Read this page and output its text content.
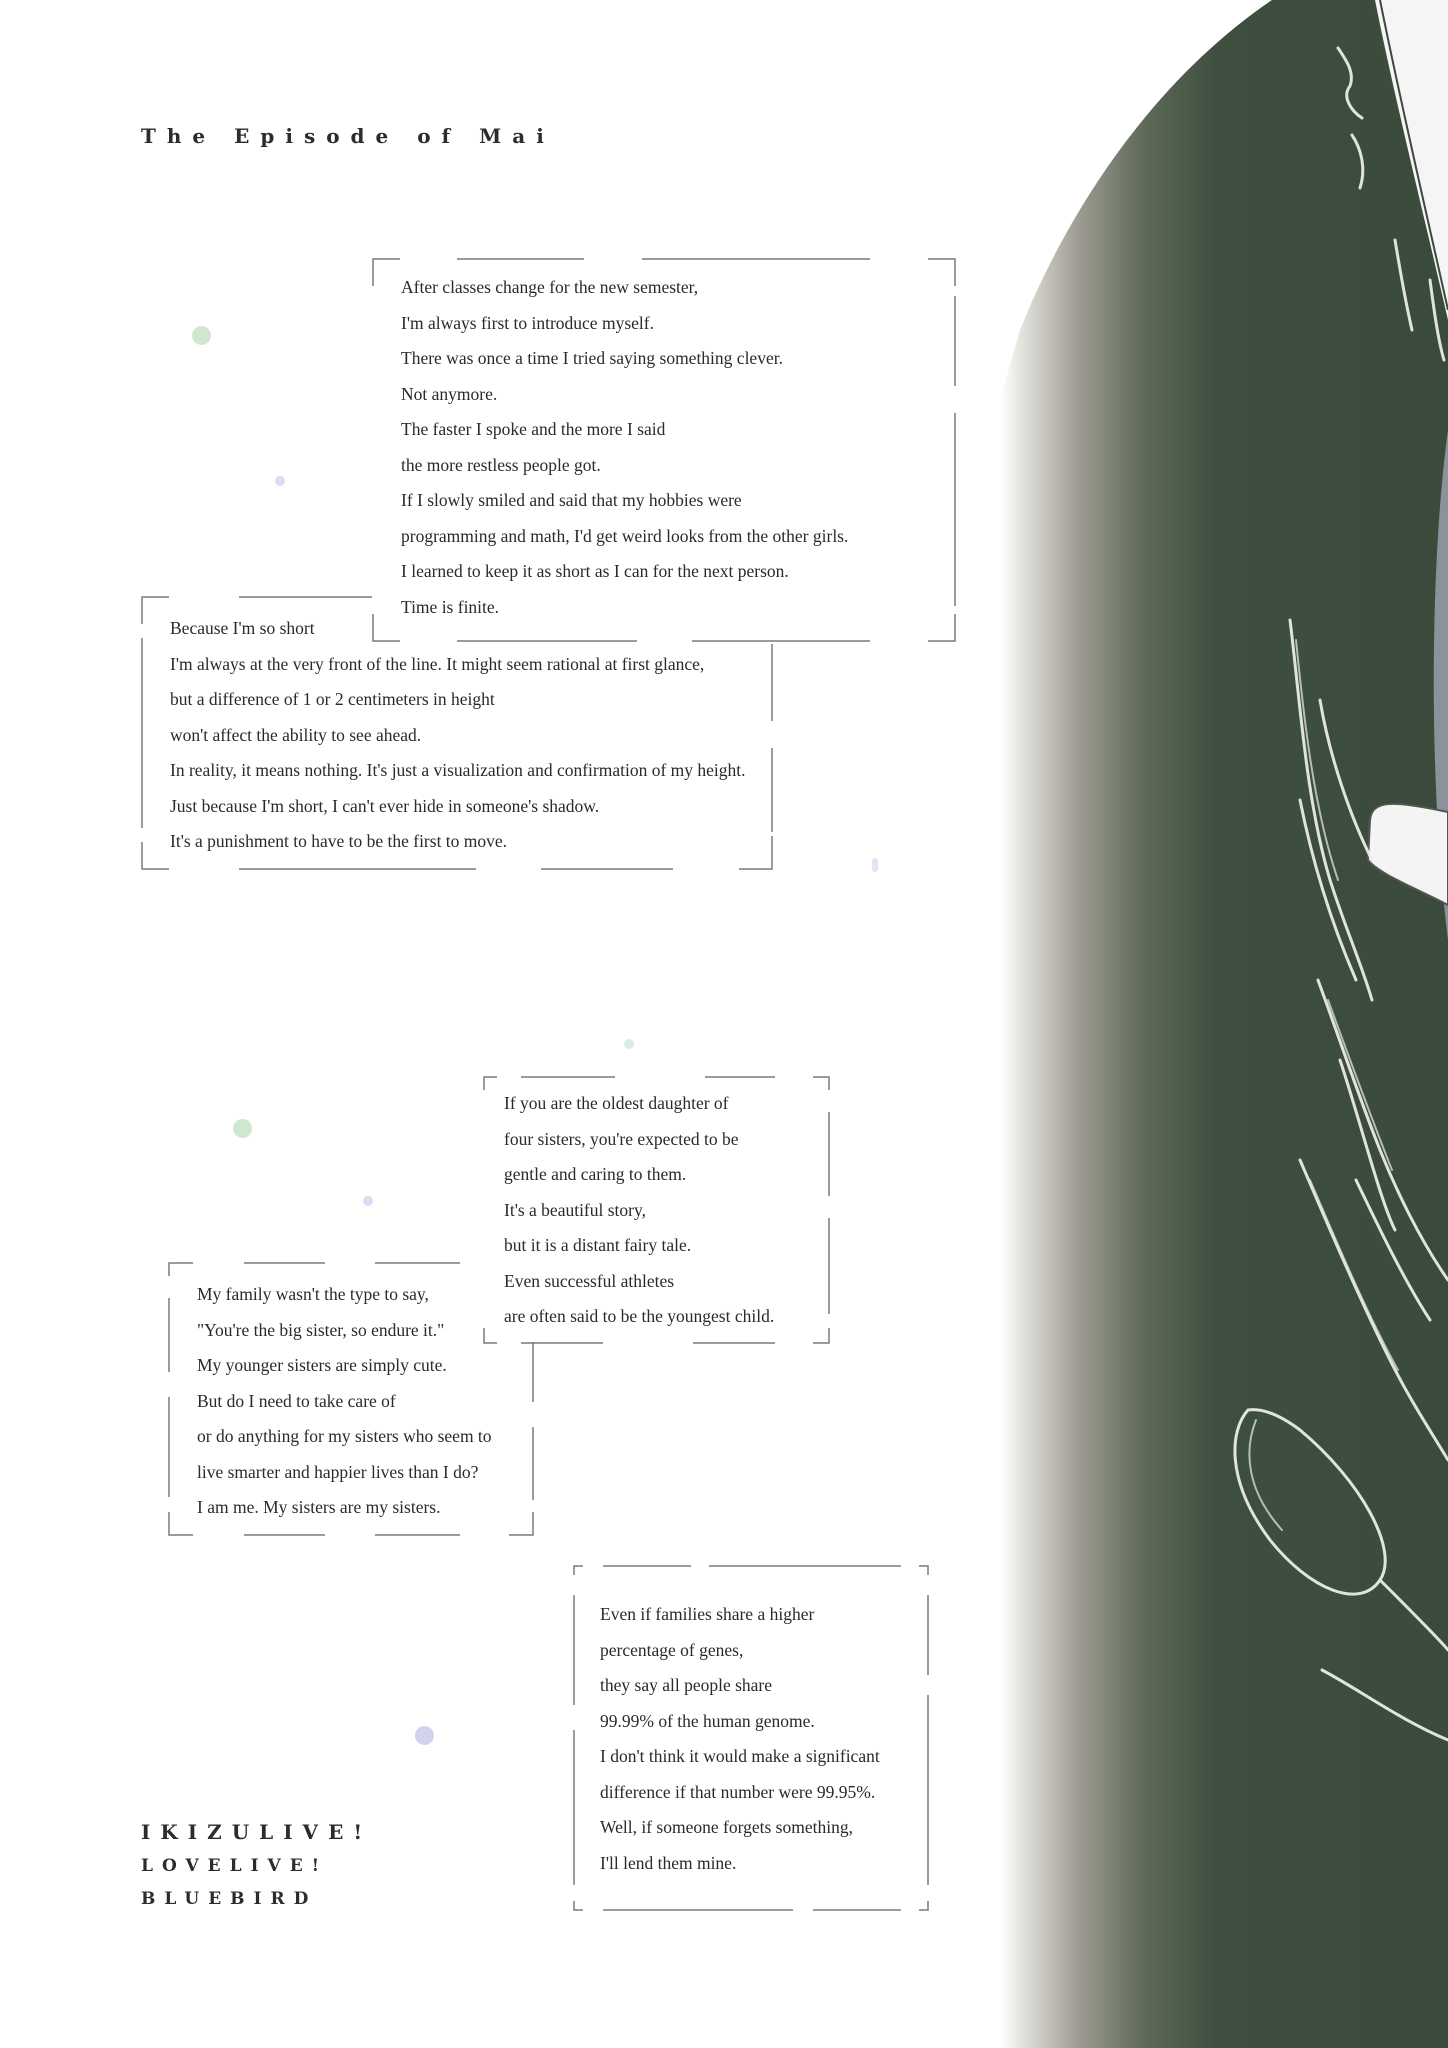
The Episode of Mai
After classes change for the new semester,
I'm always first to introduce myself.
There was once a time I tried saying something clever.
Not anymore.
The faster I spoke and the more I said
the more restless people got.
If I slowly smiled and said that my hobbies were
programming and math, I'd get weird looks from the other girls.
I learned to keep it as short as I can for the next person.
Time is finite.
Because I'm so short
I'm always at the very front of the line. It might seem rational at first glance,
but a difference of 1 or 2 centimeters in height
won't affect the ability to see ahead.
In reality, it means nothing. It's just a visualization and confirmation of my height.
Just because I'm short, I can't ever hide in someone's shadow.
It's a punishment to have to be the first to move.
If you are the oldest daughter of
four sisters, you're expected to be
gentle and caring to them.
It's a beautiful story,
but it is a distant fairy tale.
Even successful athletes
are often said to be the youngest child.
My family wasn't the type to say,
"You're the big sister, so endure it."
My younger sisters are simply cute.
But do I need to take care of
or do anything for my sisters who seem to
live smarter and happier lives than I do?
I am me. My sisters are my sisters.
Even if families share a higher
percentage of genes,
they say all people share
99.99% of the human genome.
I don't think it would make a significant
difference if that number were 99.95%.
Well, if someone forgets something,
I'll lend them mine.
IKIZULIVE!
LOVELIVE!
BLUEBIRD
